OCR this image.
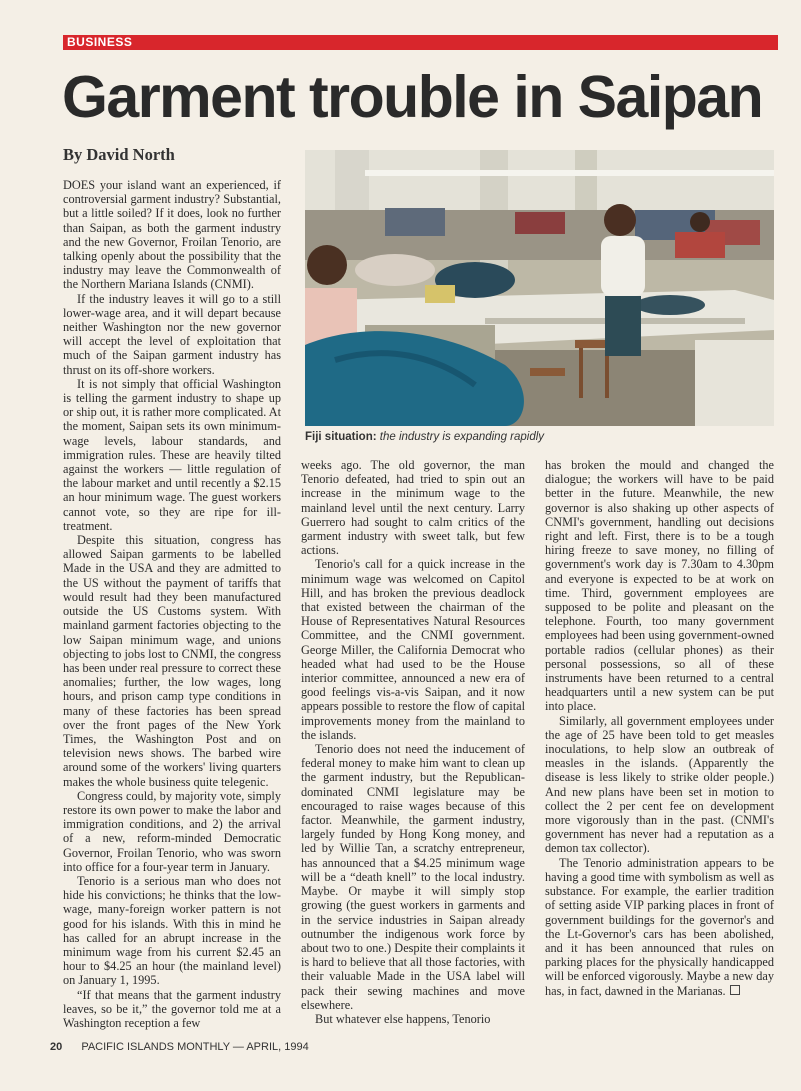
BUSINESS
Garment trouble in Saipan
By David North
Fiji situation: the industry is expanding rapidly

DOES your island want an experienced, if controversial garment industry? Substantial, but a little soiled? If it does, look no further than Saipan, as both the garment industry and the new Governor, Froilan Tenorio, are talking openly about the possibility that the industry may leave the Commonwealth of the Northern Mariana Islands (CNMI).

If the industry leaves it will go to a still lower-wage area, and it will depart because neither Washington nor the new governor will accept the level of exploitation that much of the Saipan garment industry has thrust on its off-shore workers.

It is not simply that official Washington is telling the garment industry to shape up or ship out, it is rather more complicated. At the moment, Saipan sets its own minimum-wage levels, labour standards, and immigration rules. These are heavily tilted against the workers — little regulation of the labour market and until recently a $2.15 an hour minimum wage. The guest workers cannot vote, so they are ripe for ill-treatment.

Despite this situation, congress has allowed Saipan garments to be labelled Made in the USA and they are admitted to the US without the payment of tariffs that would result had they been manufactured outside the US Customs system. With mainland garment factories objecting to the low Saipan minimum wage, and unions objecting to jobs lost to CNMI, the congress has been under real pressure to correct these anomalies; further, the low wages, long hours, and prison camp type conditions in many of these factories has been spread over the front pages of the New York Times, the Washington Post and on television news shows. The barbed wire around some of the workers' living quarters makes the whole business quite telegenic.

Congress could, by majority vote, simply restore its own power to make the labor and immigration conditions, and 2) the arrival of a new, reform-minded Democratic Governor, Froilan Tenorio, who was sworn into office for a four-year term in January.

Tenorio is a serious man who does not hide his convictions; he thinks that the low-wage, many-foreign worker pattern is not good for his islands. With this in mind he has called for an abrupt increase in the minimum wage from his current $2.45 an hour to $4.25 an hour (the mainland level) on January 1, 1995.

“If that means that the garment industry leaves, so be it,” the governor told me at a Washington reception a few

weeks ago. The old governor, the man Tenorio defeated, had tried to spin out an increase in the minimum wage to the mainland level until the next century. Larry Guerrero had sought to calm critics of the garment industry with sweet talk, but few actions.

Tenorio's call for a quick increase in the minimum wage was welcomed on Capitol Hill, and has broken the previous deadlock that existed between the chairman of the House of Representatives Natural Resources Committee, and the CNMI government. George Miller, the California Democrat who headed what had used to be the House interior committee, announced a new era of good feelings vis-a-vis Saipan, and it now appears possible to restore the flow of capital improvements money from the mainland to the islands.

Tenorio does not need the inducement of federal money to make him want to clean up the garment industry, but the Republican-dominated CNMI legislature may be encouraged to raise wages because of this factor. Meanwhile, the garment industry, largely funded by Hong Kong money, and led by Willie Tan, a scratchy entrepreneur, has announced that a $4.25 minimum wage will be a “death knell” to the local industry. Maybe. Or maybe it will simply stop growing (the guest workers in garments and in the service industries in Saipan already outnumber the indigenous work force by about two to one.) Despite their complaints it is hard to believe that all those factories, with their valuable Made in the USA label will pack their sewing machines and move elsewhere.

But whatever else happens, Tenorio

has broken the mould and changed the dialogue; the workers will have to be paid better in the future. Meanwhile, the new governor is also shaking up other aspects of CNMI's government, handling out decisions right and left. First, there is to be a tough hiring freeze to save money, no filling of government's work day is 7.30am to 4.30pm and everyone is expected to be at work on time. Third, government employees are supposed to be polite and pleasant on the telephone. Fourth, too many government employees had been using government-owned portable radios (cellular phones) as their personal possessions, so all of these instruments have been returned to a central headquarters until a new system can be put into place.

Similarly, all government employees under the age of 25 have been told to get measles inoculations, to help slow an outbreak of measles in the islands. (Apparently the disease is less likely to strike older people.) And new plans have been set in motion to collect the 2 per cent fee on development more vigorously than in the past. (CNMI's government has never had a reputation as a demon tax collector).

The Tenorio administration appears to be having a good time with symbolism as well as substance. For example, the earlier tradition of setting aside VIP parking places in front of government buildings for the governor's and the Lt-Governor's cars has been abolished, and it has been announced that rules on parking places for the physically handicapped will be enforced vigorously. Maybe a new day has, in fact, dawned in the Marianas.

20 PACIFIC ISLANDS MONTHLY — APRIL, 1994
